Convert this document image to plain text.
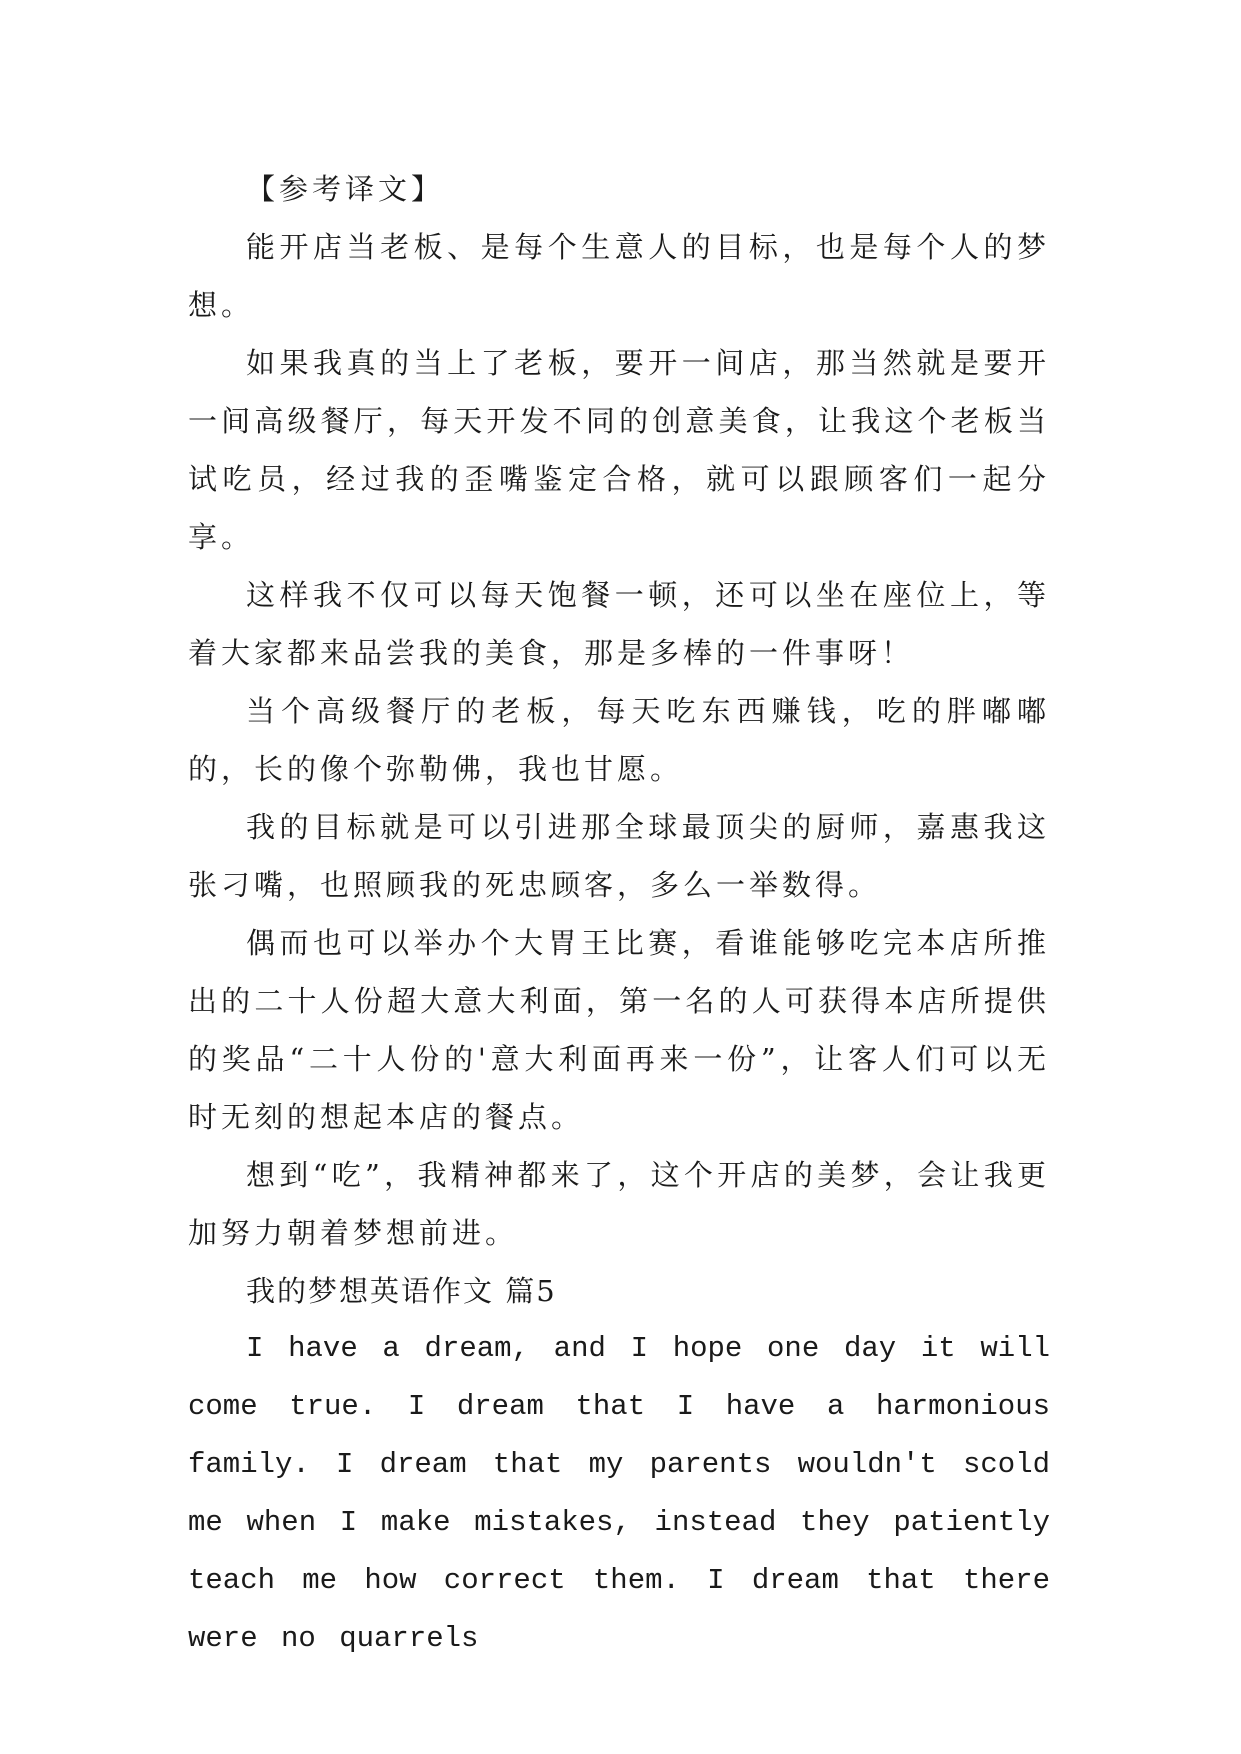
【参考译文】

能开店当老板、是每个生意人的目标，也是每个人的梦想。

如果我真的当上了老板，要开一间店，那当然就是要开一间高级餐厅，每天开发不同的创意美食，让我这个老板当试吃员，经过我的歪嘴鉴定合格，就可以跟顾客们一起分享。

这样我不仅可以每天饱餐一顿，还可以坐在座位上，等着大家都来品尝我的美食，那是多棒的一件事呀！

当个高级餐厅的老板，每天吃东西赚钱，吃的胖嘟嘟的，长的像个弥勒佛，我也甘愿。

我的目标就是可以引进那全球最顶尖的厨师，嘉惠我这张刁嘴，也照顾我的死忠顾客，多么一举数得。

偶而也可以举办个大胃王比赛，看谁能够吃完本店所推出的二十人份超大意大利面，第一名的人可获得本店所提供的奖品“二十人份的'意大利面再来一份”，让客人们可以无时无刻的想起本店的餐点。

想到“吃”，我精神都来了，这个开店的美梦，会让我更加努力朝着梦想前进。

我的梦想英语作文 篇5

I have a dream, and I hope one day it will come true. I dream that I have a harmonious family. I dream that my parents wouldn't scold me when I make mistakes, instead they patiently teach me how correct them. I dream that there were no quarrels
